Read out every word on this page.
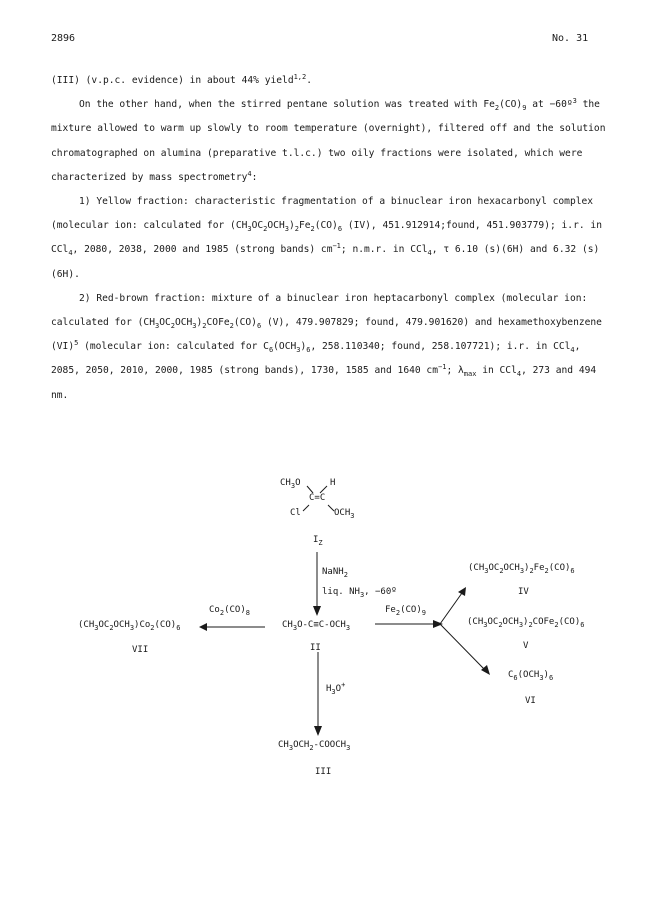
2896	No. 31

(III) (v.p.c. evidence) in about 44% yield$^{1,2}$.

On the other hand, when the stirred pentane solution was treated with $Fe_2(CO)_9$ at −60º$^3$ the mixture allowed to warm up slowly to room temperature (overnight), filtered off and the solution chromatographed on alumina (preparative t.l.c.) two oily fractions were isolated, which were characterized by mass spectrometry$^4$:

1) Yellow fraction: characteristic fragmentation of a binuclear iron hexacarbonyl complex (molecular ion: calculated for $(CH_3OC_2OCH_3)_2Fe_2(CO)_6$ (IV), 451.912914;found, 451.903779); i.r. in CCl$_4$, 2080, 2038, 2000 and 1985 (strong bands) $cm^{-1}$; n.m.r. in CCl$_4$, τ 6.10 (s)(6H) and 6.32 (s)(6H).

2) Red-brown fraction: mixture of a binuclear iron heptacarbonyl complex (molecular ion: calculated for $(CH_3OC_2OCH_3)_2COFe_2(CO)_6$ (V), 479.907829; found, 479.901620) and hexamethoxybenzene (VI)$^5$ (molecular ion: calculated for $C_6(OCH_3)_6$, 258.110340; found, 258.107721); i.r. in CCl$_4$, 2085, 2050, 2010, 2000, 1985 (strong bands), 1730, 1585 and 1640 $cm^{-1}$; $\lambda_{max}$ in CCl$_4$, 273 and 494 nm.

$CH_3O$	H
C=C
Cl	$OCH_3$
$I_Z$
NaNH$_2$
liq. $NH_3$, −60º
$CH_3O-C\equiv C-OCH_3$
II
$Fe_2(CO)_9$
$Co_2(CO)_8$
$(CH_3OC_2OCH_3)Co_2(CO)_6$
VII
$(CH_3OC_2OCH_3)_2Fe_2(CO)_6$
IV
$(CH_3OC_2OCH_3)_2COFe_2(CO)_6$
V
$C_6(OCH_3)_6$
VI
$H_3O^+$
$CH_3OCH_2-COOCH_3$
III
